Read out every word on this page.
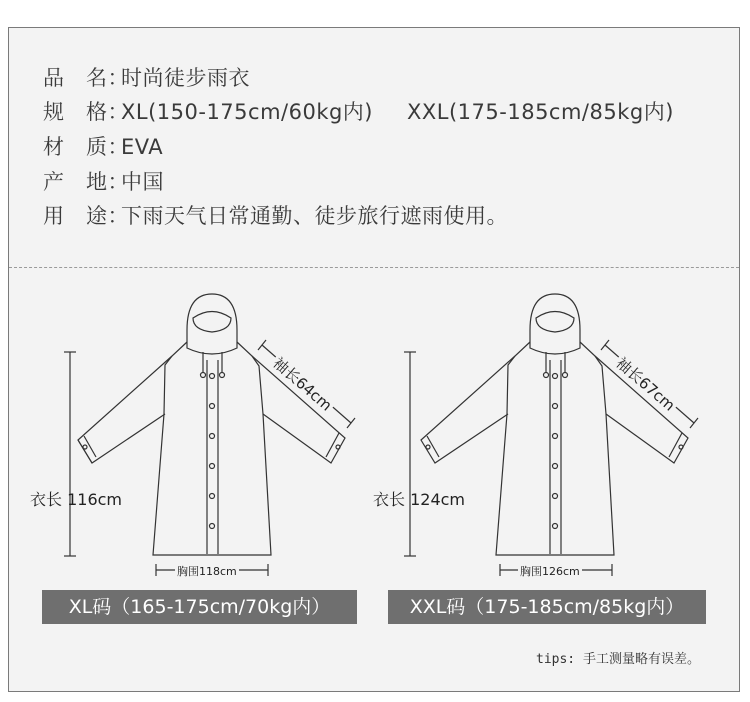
品　名：时尚徒步雨衣
规　格：XL(150-175cm/60kg内) XXL(175-185cm/85kg内)
材　质：EVA
产　地：中国
用　途：下雨天气日常通勤、徒步旅行遮雨使用。
衣长 116cm
袖长64cm
胸围118cm
XL码（165-175cm/70kg内）
衣长 124cm
袖长67cm
胸围126cm
XXL码（175-185cm/85kg内）
tips: 手工测量略有误差。
